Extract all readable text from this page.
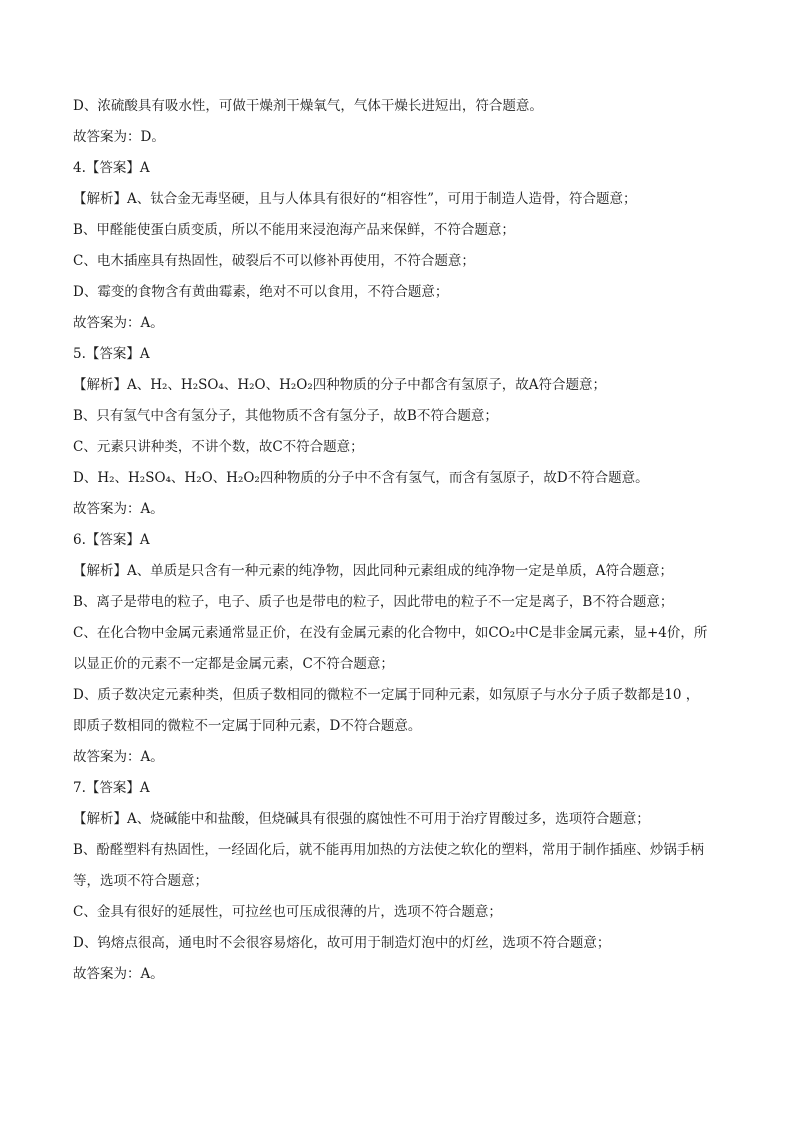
D、浓硫酸具有吸水性，可做干燥剂干燥氧气，气体干燥长进短出，符合题意。

故答案为：D。

4.【答案】A

【解析】A、钛合金无毒坚硬，且与人体具有很好的“相容性”，可用于制造人造骨，符合题意；

B、甲醛能使蛋白质变质，所以不能用来浸泡海产品来保鲜，不符合题意；

C、电木插座具有热固性，破裂后不可以修补再使用，不符合题意；

D、霉变的食物含有黄曲霉素，绝对不可以食用，不符合题意；

故答案为：A。

5.【答案】A

【解析】A、H₂、H₂SO₄、H₂O、H₂O₂四种物质的分子中都含有氢原子，故A符合题意；

B、只有氢气中含有氢分子，其他物质不含有氢分子，故B不符合题意；

C、元素只讲种类，不讲个数，故C不符合题意；

D、H₂、H₂SO₄、H₂O、H₂O₂四种物质的分子中不含有氢气，而含有氢原子，故D不符合题意。

故答案为：A。

6.【答案】A

【解析】A、单质是只含有一种元素的纯净物，因此同种元素组成的纯净物一定是单质，A符合题意；

B、离子是带电的粒子，电子、质子也是带电的粒子，因此带电的粒子不一定是离子，B不符合题意；

C、在化合物中金属元素通常显正价，在没有金属元素的化合物中，如CO₂中C是非金属元素，显+4价，所

以显正价的元素不一定都是金属元素，C不符合题意；

D、质子数决定元素种类，但质子数相同的微粒不一定属于同种元素，如氖原子与水分子质子数都是10 ，

即质子数相同的微粒不一定属于同种元素，D不符合题意。

故答案为：A。

7.【答案】A

【解析】A、烧碱能中和盐酸，但烧碱具有很强的腐蚀性不可用于治疗胃酸过多，选项符合题意；

B、酚醛塑料有热固性，一经固化后，就不能再用加热的方法使之软化的塑料，常用于制作插座、炒锅手柄

等，选项不符合题意；

C、金具有很好的延展性，可拉丝也可压成很薄的片，选项不符合题意；

D、钨熔点很高，通电时不会很容易熔化，故可用于制造灯泡中的灯丝，选项不符合题意；

故答案为：A。
